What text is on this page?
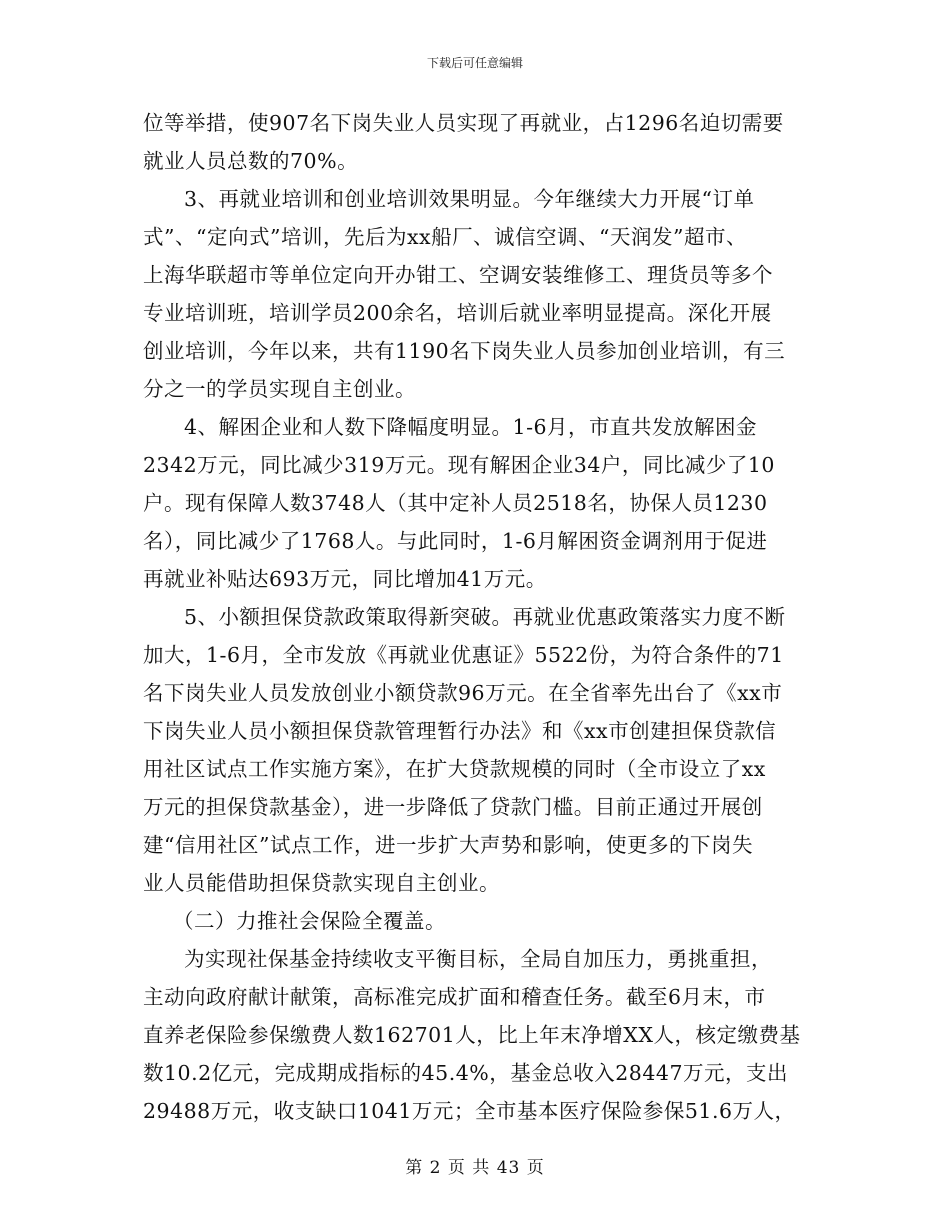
下载后可任意编辑
位等举措，使907名下岗失业人员实现了再就业，占1296名迫切需要
就业人员总数的70%。
3、再就业培训和创业培训效果明显。今年继续大力开展“订单
式”、“定向式”培训，先后为xx船厂、诚信空调、“天润发”超市、
上海华联超市等单位定向开办钳工、空调安装维修工、理货员等多个
专业培训班，培训学员200余名，培训后就业率明显提高。深化开展
创业培训，今年以来，共有1190名下岗失业人员参加创业培训，有三
分之一的学员实现自主创业。
4、解困企业和人数下降幅度明显。1-6月，市直共发放解困金
2342万元，同比减少319万元。现有解困企业34户，同比减少了10
户。现有保障人数3748人（其中定补人员2518名，协保人员1230
名），同比减少了1768人。与此同时，1-6月解困资金调剂用于促进
再就业补贴达693万元，同比增加41万元。
5、小额担保贷款政策取得新突破。再就业优惠政策落实力度不断
加大，1-6月，全市发放《再就业优惠证》5522份，为符合条件的71
名下岗失业人员发放创业小额贷款96万元。在全省率先出台了《xx市
下岗失业人员小额担保贷款管理暂行办法》和《xx市创建担保贷款信
用社区试点工作实施方案》，在扩大贷款规模的同时（全市设立了xx
万元的担保贷款基金），进一步降低了贷款门槛。目前正通过开展创
建“信用社区”试点工作，进一步扩大声势和影响，使更多的下岗失
业人员能借助担保贷款实现自主创业。
（二）力推社会保险全覆盖。
为实现社保基金持续收支平衡目标，全局自加压力，勇挑重担，
主动向政府献计献策，高标准完成扩面和稽查任务。截至6月末，市
直养老保险参保缴费人数162701人，比上年末净增XX人，核定缴费基
数10.2亿元，完成期成指标的45.4%，基金总收入28447万元，支出
29488万元，收支缺口1041万元；全市基本医疗保险参保51.6万人，
第 2 页 共 43 页
